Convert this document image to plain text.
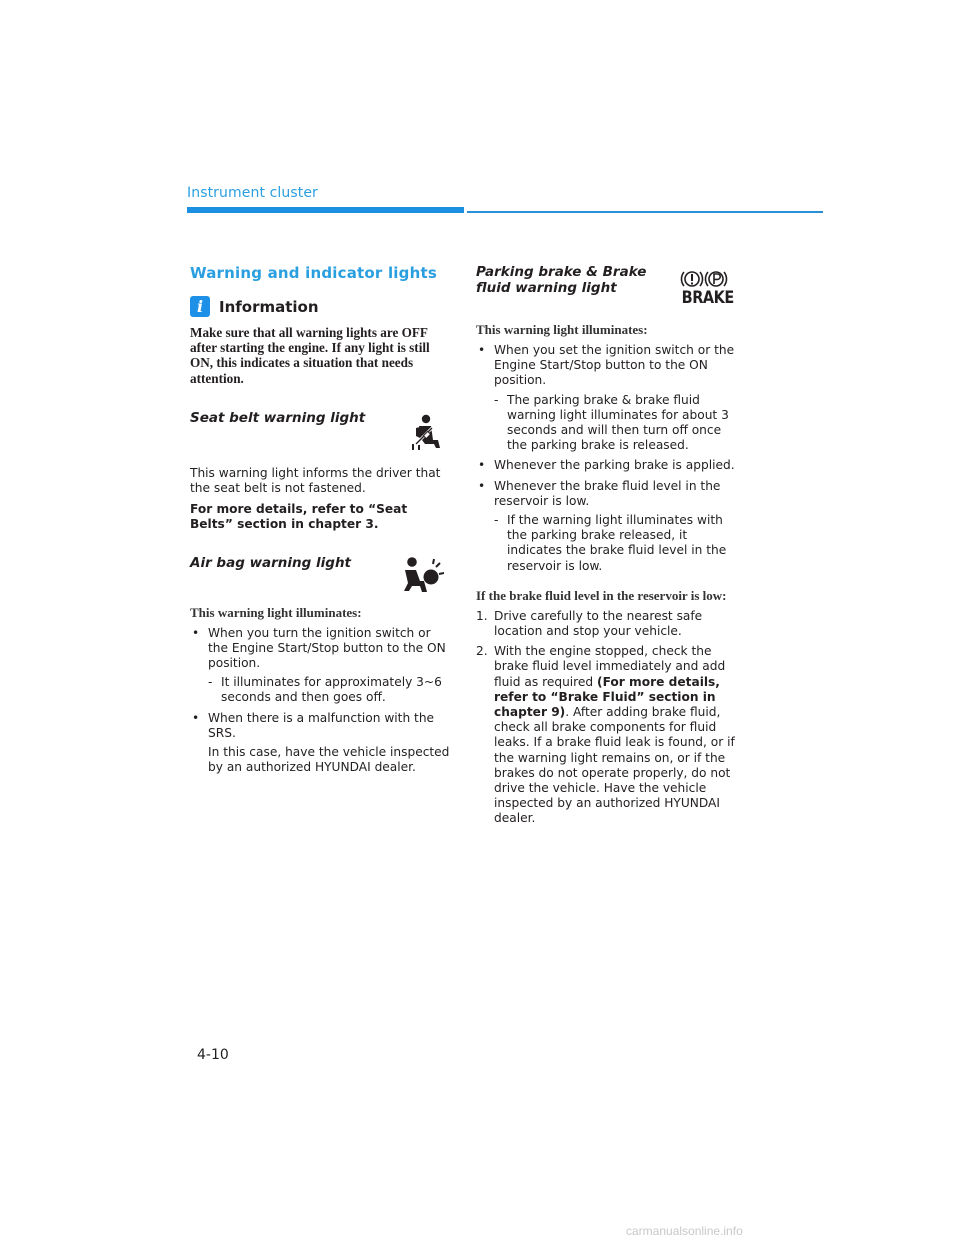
Instrument cluster
Warning and indicator lights
i	Information
Make sure that all warning lights are OFF after starting the engine. If any light is still ON, this indicates a situation that needs attention.
Seat belt warning light

This warning light informs the driver that the seat belt is not fastened.

For more details, refer to “Seat Belts” section in chapter 3.

Air bag warning light

This warning light illuminates:

• When you turn the ignition switch or the Engine Start/Stop button to the ON position.
- It illuminates for approximately 3~6 seconds and then goes off.
• When there is a malfunction with the SRS.
In this case, have the vehicle inspected by an authorized HYUNDAI dealer.
Parking brake & Brake fluid warning light	BRAKE

This warning light illuminates:

• When you set the ignition switch or the Engine Start/Stop button to the ON position.
- The parking brake & brake fluid warning light illuminates for about 3 seconds and will then turn off once the parking brake is released.
• Whenever the parking brake is applied.
• Whenever the brake fluid level in the reservoir is low.
- If the warning light illuminates with the parking brake released, it indicates the brake fluid level in the reservoir is low.

If the brake fluid level in the reservoir is low:

1. Drive carefully to the nearest safe location and stop your vehicle.
2. With the engine stopped, check the brake fluid level immediately and add fluid as required (For more details, refer to “Brake Fluid” section in chapter 9). After adding brake fluid, check all brake components for fluid leaks. If a brake fluid leak is found, or if the warning light remains on, or if the brakes do not operate properly, do not drive the vehicle. Have the vehicle inspected by an authorized HYUNDAI dealer.
4-10
carmanualsonline.info
